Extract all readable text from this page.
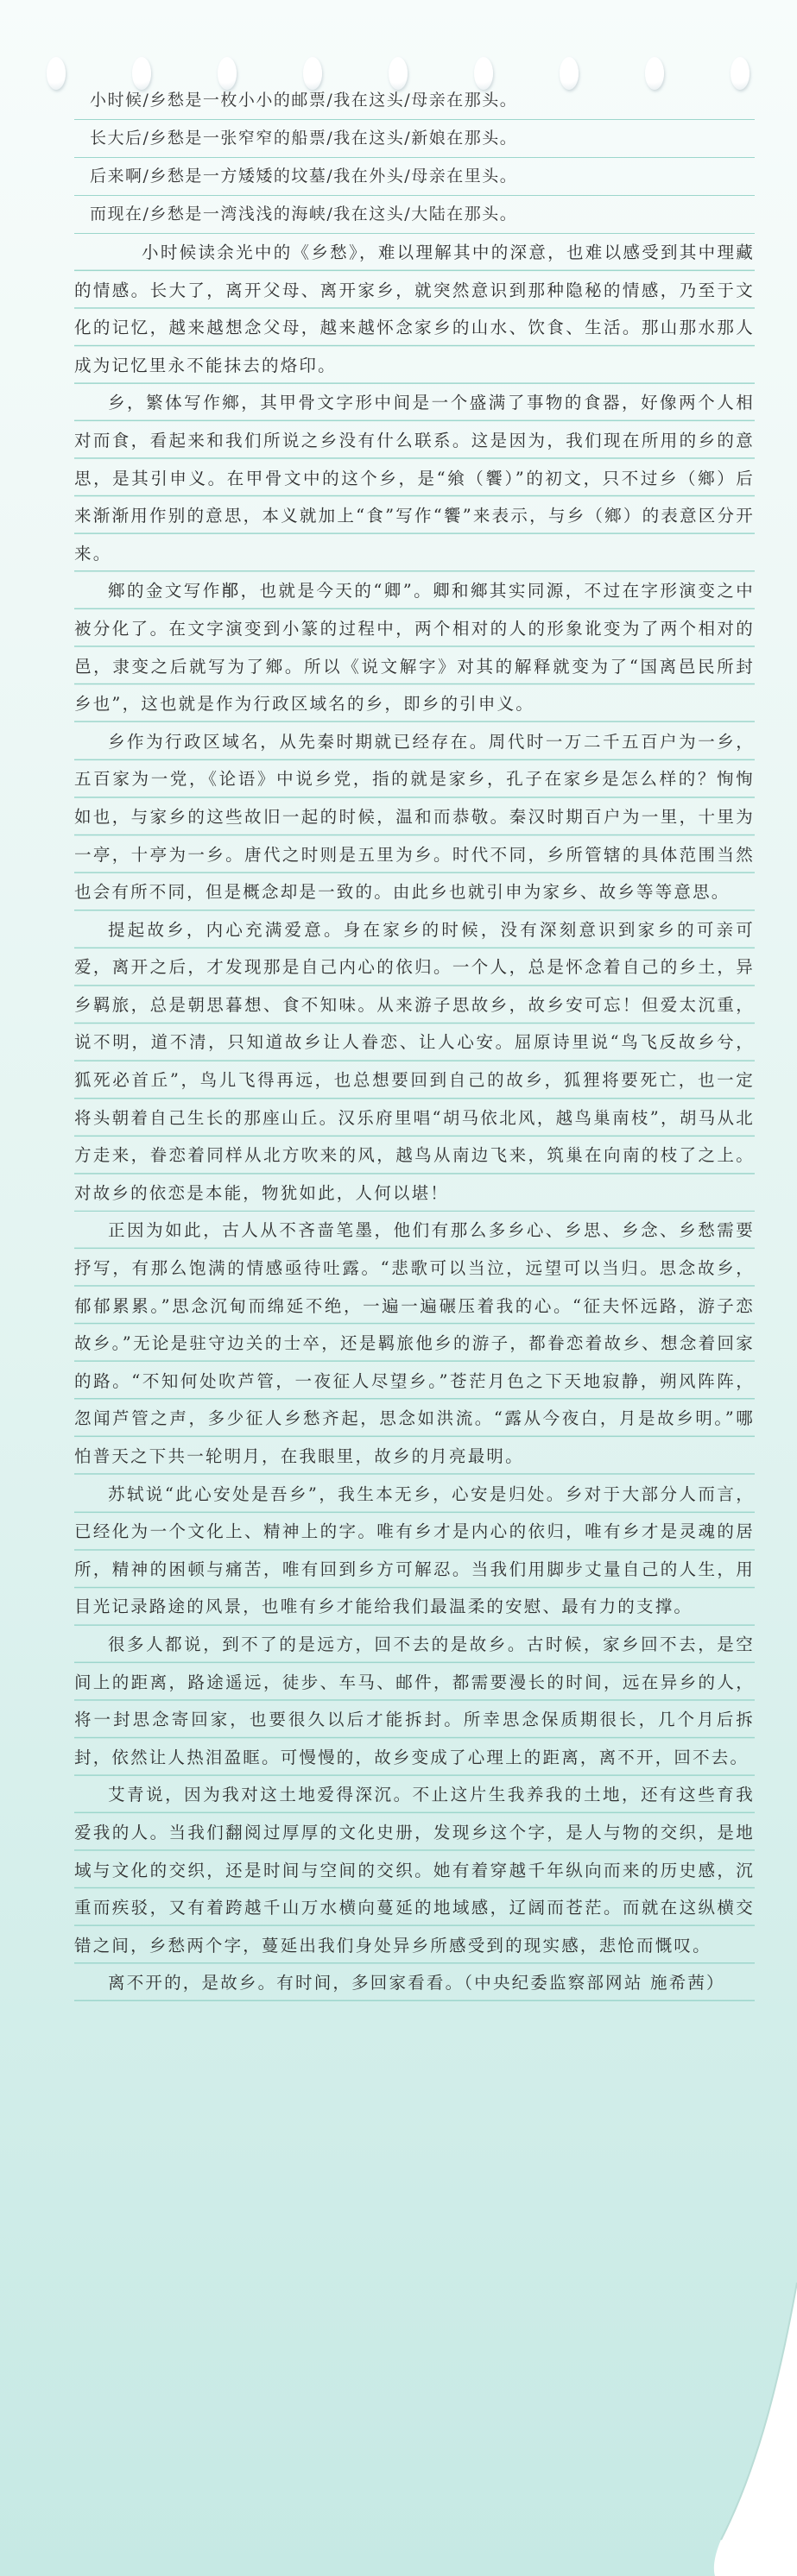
小时候/乡愁是一枚小小的邮票/我在这头/母亲在那头。

长大后/乡愁是一张窄窄的船票/我在这头/新娘在那头。

后来啊/乡愁是一方矮矮的坟墓/我在外头/母亲在里头。

而现在/乡愁是一湾浅浅的海峡/我在这头/大陆在那头。

小时候读余光中的《乡愁》，难以理解其中的深意，也难以感受到其中理藏的情感。长大了，离开父母、离开家乡，就突然意识到那种隐秘的情感，乃至于文化的记忆，越来越想念父母，越来越怀念家乡的山水、饮食、生活。那山那水那人成为记忆里永不能抹去的烙印。

乡，繁体写作鄉，其甲骨文字形中间是一个盛满了事物的食器，好像两个人相对而食，看起来和我们所说之乡没有什么联系。这是因为，我们现在所用的乡的意思，是其引申义。在甲骨文中的这个乡，是“飨（饗）”的初文，只不过乡（鄉）后来渐渐用作别的意思，本义就加上“食”写作“饗”来表示，与乡（鄉）的表意区分开来。

鄉的金文写作𨛍，也就是今天的“卿”。卿和鄉其实同源，不过在字形演变之中被分化了。在文字演变到小篆的过程中，两个相对的人的形象讹变为了两个相对的邑，隶变之后就写为了鄉。所以《说文解字》对其的解释就变为了“国离邑民所封乡也”，这也就是作为行政区域名的乡，即乡的引申义。

乡作为行政区域名，从先秦时期就已经存在。周代时一万二千五百户为一乡，五百家为一党，《论语》中说乡党，指的就是家乡，孔子在家乡是怎么样的？恂恂如也，与家乡的这些故旧一起的时候，温和而恭敬。秦汉时期百户为一里，十里为一亭，十亭为一乡。唐代之时则是五里为乡。时代不同，乡所管辖的具体范围当然也会有所不同，但是概念却是一致的。由此乡也就引申为家乡、故乡等等意思。

提起故乡，内心充满爱意。身在家乡的时候，没有深刻意识到家乡的可亲可爱，离开之后，才发现那是自己内心的依归。一个人，总是怀念着自己的乡土，异乡羁旅，总是朝思暮想、食不知味。从来游子思故乡，故乡安可忘！但爱太沉重，说不明，道不清，只知道故乡让人眷恋、让人心安。屈原诗里说“鸟飞反故乡兮，狐死必首丘”，鸟儿飞得再远，也总想要回到自己的故乡，狐狸将要死亡，也一定将头朝着自己生长的那座山丘。汉乐府里唱“胡马依北风，越鸟巢南枝”，胡马从北方走来，眷恋着同样从北方吹来的风，越鸟从南边飞来，筑巢在向南的枝了之上。对故乡的依恋是本能，物犹如此，人何以堪！

正因为如此，古人从不吝啬笔墨，他们有那么多乡心、乡思、乡念、乡愁需要抒写，有那么饱满的情感亟待吐露。“悲歌可以当泣，远望可以当归。思念故乡，郁郁累累。”思念沉甸而绵延不绝，一遍一遍碾压着我的心。“征夫怀远路，游子恋故乡。”无论是驻守边关的士卒，还是羁旅他乡的游子，都眷恋着故乡、想念着回家的路。“不知何处吹芦管，一夜征人尽望乡。”苍茫月色之下天地寂静，朔风阵阵，忽闻芦管之声，多少征人乡愁齐起，思念如洪流。“露从今夜白，月是故乡明。”哪怕普天之下共一轮明月，在我眼里，故乡的月亮最明。

苏轼说“此心安处是吾乡”，我生本无乡，心安是归处。乡对于大部分人而言，已经化为一个文化上、精神上的字。唯有乡才是内心的依归，唯有乡才是灵魂的居所，精神的困顿与痛苦，唯有回到乡方可解忍。当我们用脚步丈量自己的人生，用目光记录路途的风景，也唯有乡才能给我们最温柔的安慰、最有力的支撑。

很多人都说，到不了的是远方，回不去的是故乡。古时候，家乡回不去，是空间上的距离，路途遥远，徒步、车马、邮件，都需要漫长的时间，远在异乡的人，将一封思念寄回家，也要很久以后才能拆封。所幸思念保质期很长，几个月后拆封，依然让人热泪盈眶。可慢慢的，故乡变成了心理上的距离，离不开，回不去。

艾青说，因为我对这土地爱得深沉。不止这片生我养我的土地，还有这些育我爱我的人。当我们翻阅过厚厚的文化史册，发现乡这个字，是人与物的交织，是地域与文化的交织，还是时间与空间的交织。她有着穿越千年纵向而来的历史感，沉重而疾驳，又有着跨越千山万水横向蔓延的地域感，辽阔而苍茫。而就在这纵横交错之间，乡愁两个字，蔓延出我们身处异乡所感受到的现实感，悲怆而慨叹。

离不开的，是故乡。有时间，多回家看看。（中央纪委监察部网站 施希茜）
